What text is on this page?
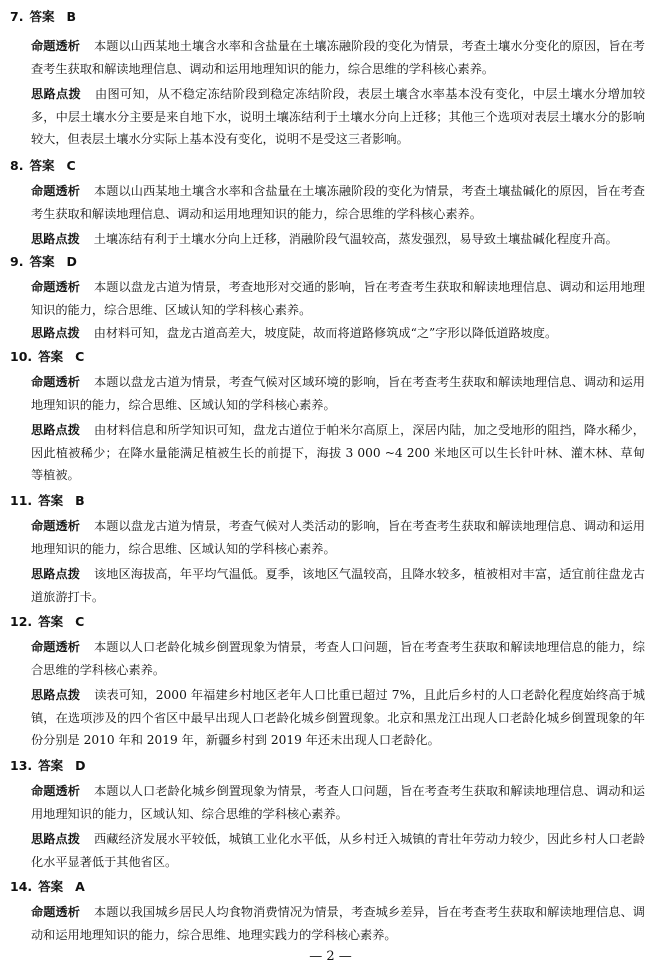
7. 答案 B
命题透析 本题以山西某地土壤含水率和含盐量在土壤冻融阶段的变化为情景，考查土壤水分变化的原因，旨在考查考生获取和解读地理信息、调动和运用地理知识的能力，综合思维的学科核心素养。
思路点拨 由图可知，从不稳定冻结阶段到稳定冻结阶段，表层土壤含水率基本没有变化，中层土壤水分增加较多，中层土壤水分主要是来自地下水，说明土壤冻结利于土壤水分向上迁移；其他三个选项对表层土壤水分的影响较大，但表层土壤水分实际上基本没有变化，说明不是受这三者影响。
8. 答案 C
命题透析 本题以山西某地土壤含水率和含盐量在土壤冻融阶段的变化为情景，考查土壤盐碱化的原因，旨在考查考生获取和解读地理信息、调动和运用地理知识的能力，综合思维的学科核心素养。
思路点拨 土壤冻结有利于土壤水分向上迁移，消融阶段气温较高，蒸发强烈，易导致土壤盐碱化程度升高。
9. 答案 D
命题透析 本题以盘龙古道为情景，考查地形对交通的影响，旨在考查考生获取和解读地理信息、调动和运用地理知识的能力，综合思维、区域认知的学科核心素养。
思路点拨 由材料可知，盘龙古道高差大，坡度陡，故而将道路修筑成“之”字形以降低道路坡度。
10. 答案 C
命题透析 本题以盘龙古道为情景，考查气候对区域环境的影响，旨在考查考生获取和解读地理信息、调动和运用地理知识的能力，综合思维、区域认知的学科核心素养。
思路点拨 由材料信息和所学知识可知，盘龙古道位于帕米尔高原上，深居内陆，加之受地形的阻挡，降水稀少，因此植被稀少；在降水量能满足植被生长的前提下，海拔 3 000 ~4 200 米地区可以生长针叶林、灌木林、草甸等植被。
11. 答案 B
命题透析 本题以盘龙古道为情景，考查气候对人类活动的影响，旨在考查考生获取和解读地理信息、调动和运用地理知识的能力，综合思维、区域认知的学科核心素养。
思路点拨 该地区海拔高，年平均气温低。夏季，该地区气温较高，且降水较多，植被相对丰富，适宜前往盘龙古道旅游打卡。
12. 答案 C
命题透析 本题以人口老龄化城乡倒置现象为情景，考查人口问题，旨在考查考生获取和解读地理信息的能力，综合思维的学科核心素养。
思路点拨 读表可知，2000 年福建乡村地区老年人口比重已超过 7%，且此后乡村的人口老龄化程度始终高于城镇，在选项涉及的四个省区中最早出现人口老龄化城乡倒置现象。北京和黑龙江出现人口老龄化城乡倒置现象的年份分别是 2010 年和 2019 年，新疆乡村到 2019 年还未出现人口老龄化。
13. 答案 D
命题透析 本题以人口老龄化城乡倒置现象为情景，考查人口问题，旨在考查考生获取和解读地理信息、调动和运用地理知识的能力，区域认知、综合思维的学科核心素养。
思路点拨 西藏经济发展水平较低，城镇工业化水平低，从乡村迁入城镇的青壮年劳动力较少，因此乡村人口老龄化水平显著低于其他省区。
14. 答案 A
命题透析 本题以我国城乡居民人均食物消费情况为情景，考查城乡差异，旨在考查考生获取和解读地理信息、调动和运用地理知识的能力，综合思维、地理实践力的学科核心素养。
— 2 —
